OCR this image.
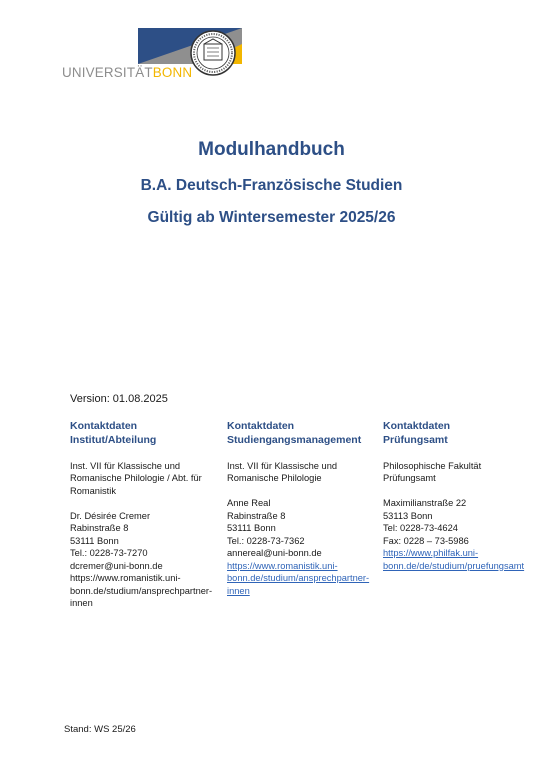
UNIVERSITÄTBONN
Modulhandbuch
B.A. Deutsch-Französische Studien
Gültig ab Wintersemester 2025/26
Version: 01.08.2025
Kontaktdaten
Institut/Abteilung
Inst. VII für Klassische und
Romanische Philologie / Abt. für
Romanistik
Dr. Désirée Cremer
Rabinstraße 8
53111 Bonn
Tel.: 0228-73-7270
dcremer@uni-bonn.de
https://www.romanistik.uni-
bonn.de/studium/ansprechpartner-
innen
Kontaktdaten
Studiengangsmanagement
Inst. VII für Klassische und
Romanische Philologie
Anne Real
Rabinstraße 8
53111 Bonn
Tel.: 0228-73-7362
annereal@uni-bonn.de
https://www.romanistik.uni-
bonn.de/studium/ansprechpartner-
innen
Kontaktdaten
Prüfungsamt
Philosophische Fakultät
Prüfungsamt
Maximilianstraße 22
53113 Bonn
Tel: 0228-73-4624
Fax: 0228 – 73-5986
https://www.philfak.uni-
bonn.de/de/studium/pruefungsamt
Stand: WS 25/26
